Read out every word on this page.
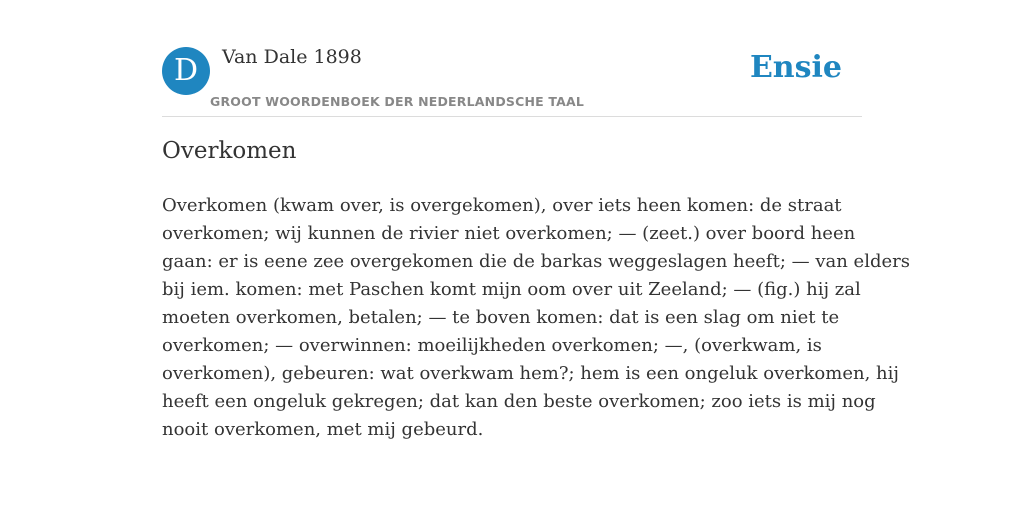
D	Van Dale 1898
GROOT WOORDENBOEK DER NEDERLANDSCHE TAAL
Ensie
Overkomen
Overkomen (kwam over, is overgekomen), over iets heen komen: de straat
overkomen; wij kunnen de rivier niet overkomen; — (zeet.) over boord heen
gaan: er is eene zee overgekomen die de barkas weggeslagen heeft; — van elders
bij iem. komen: met Paschen komt mijn oom over uit Zeeland; — (fig.) hij zal
moeten overkomen, betalen; — te boven komen: dat is een slag om niet te
overkomen; — overwinnen: moeilijkheden overkomen; —, (overkwam, is
overkomen), gebeuren: wat overkwam hem?; hem is een ongeluk overkomen, hij
heeft een ongeluk gekregen; dat kan den beste overkomen; zoo iets is mij nog
nooit overkomen, met mij gebeurd.
